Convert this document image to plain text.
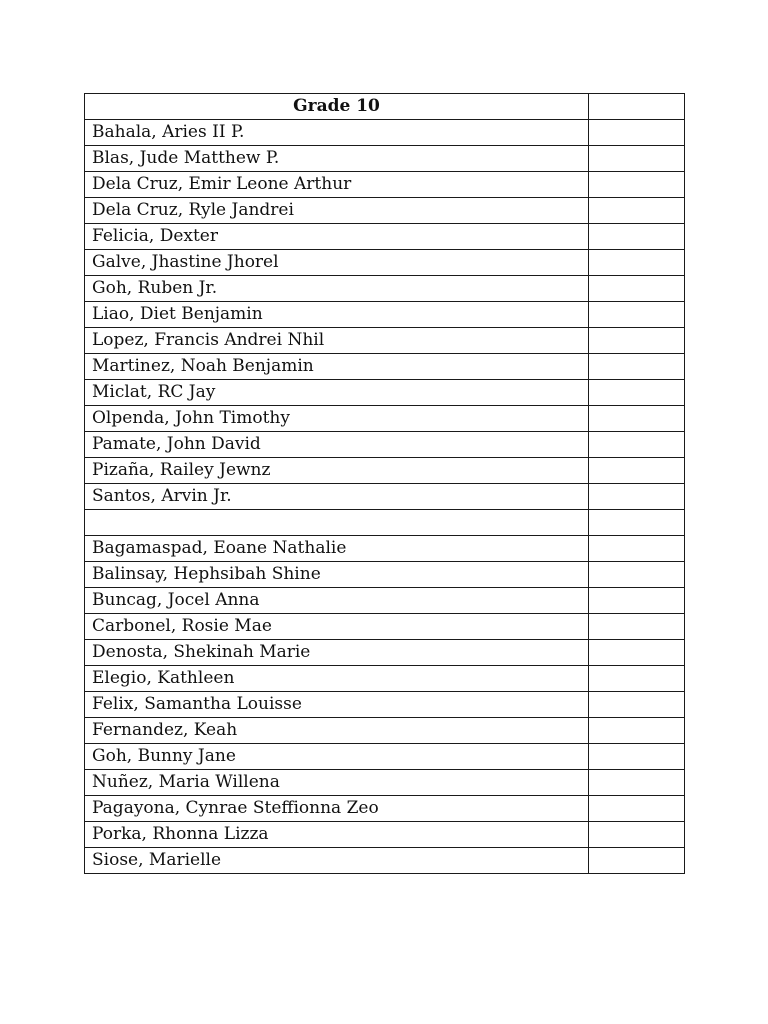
Grade 10	
Bahala, Aries II P.	
Blas, Jude Matthew P.	
Dela Cruz, Emir Leone Arthur	
Dela Cruz, Ryle Jandrei	
Felicia, Dexter	
Galve, Jhastine Jhorel	
Goh, Ruben Jr.	
Liao, Diet Benjamin	
Lopez, Francis Andrei Nhil	
Martinez, Noah Benjamin	
Miclat, RC Jay	
Olpenda, John Timothy	
Pamate, John David	
Pizaña, Railey Jewnz	
Santos, Arvin Jr.	

Bagamaspad, Eoane Nathalie	
Balinsay, Hephsibah Shine	
Buncag, Jocel Anna	
Carbonel, Rosie Mae	
Denosta, Shekinah Marie	
Elegio, Kathleen	
Felix, Samantha Louisse	
Fernandez, Keah	
Goh, Bunny Jane	
Nuñez, Maria Willena	
Pagayona, Cynrae Steffionna Zeo	
Porka, Rhonna Lizza	
Siose, Marielle	
